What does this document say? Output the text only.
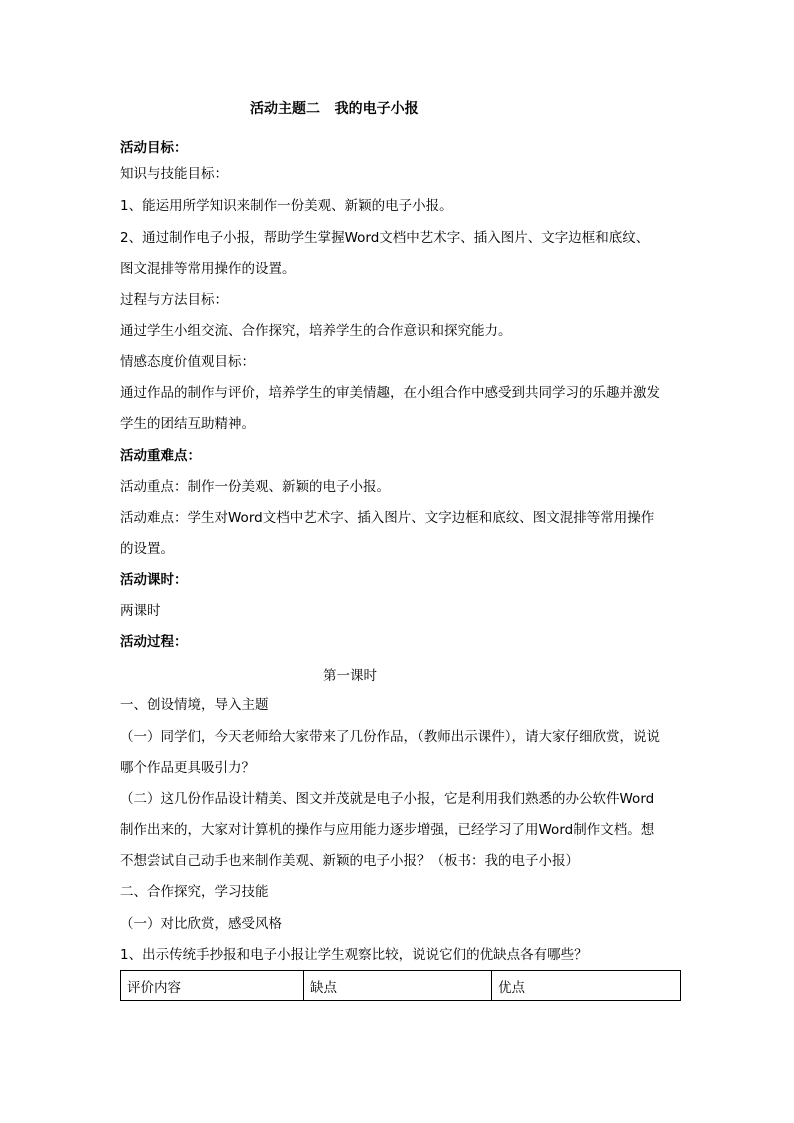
活动主题二   我的电子小报
活动目标：
知识与技能目标：
1、能运用所学知识来制作一份美观、新颖的电子小报。
2、通过制作电子小报，帮助学生掌握Word文档中艺术字、插入图片、文字边框和底纹、
图文混排等常用操作的设置。
过程与方法目标：
通过学生小组交流、合作探究，培养学生的合作意识和探究能力。
情感态度价值观目标：
通过作品的制作与评价，培养学生的审美情趣，在小组合作中感受到共同学习的乐趣并激发
学生的团结互助精神。
活动重难点：
活动重点：制作一份美观、新颖的电子小报。
活动难点：学生对Word文档中艺术字、插入图片、文字边框和底纹、图文混排等常用操作
的设置。
活动课时：
两课时
活动过程：
第一课时
一、创设情境，导入主题
（一）同学们，今天老师给大家带来了几份作品，（教师出示课件），请大家仔细欣赏，说说
哪个作品更具吸引力？
（二）这几份作品设计精美、图文并茂就是电子小报，它是利用我们熟悉的办公软件Word
制作出来的，大家对计算机的操作与应用能力逐步增强，已经学习了用Word制作文档。想
不想尝试自己动手也来制作美观、新颖的电子小报？（板书：我的电子小报）
二、合作探究，学习技能
（一）对比欣赏，感受风格
1、出示传统手抄报和电子小报让学生观察比较，说说它们的优缺点各有哪些？
评价内容	缺点	优点
